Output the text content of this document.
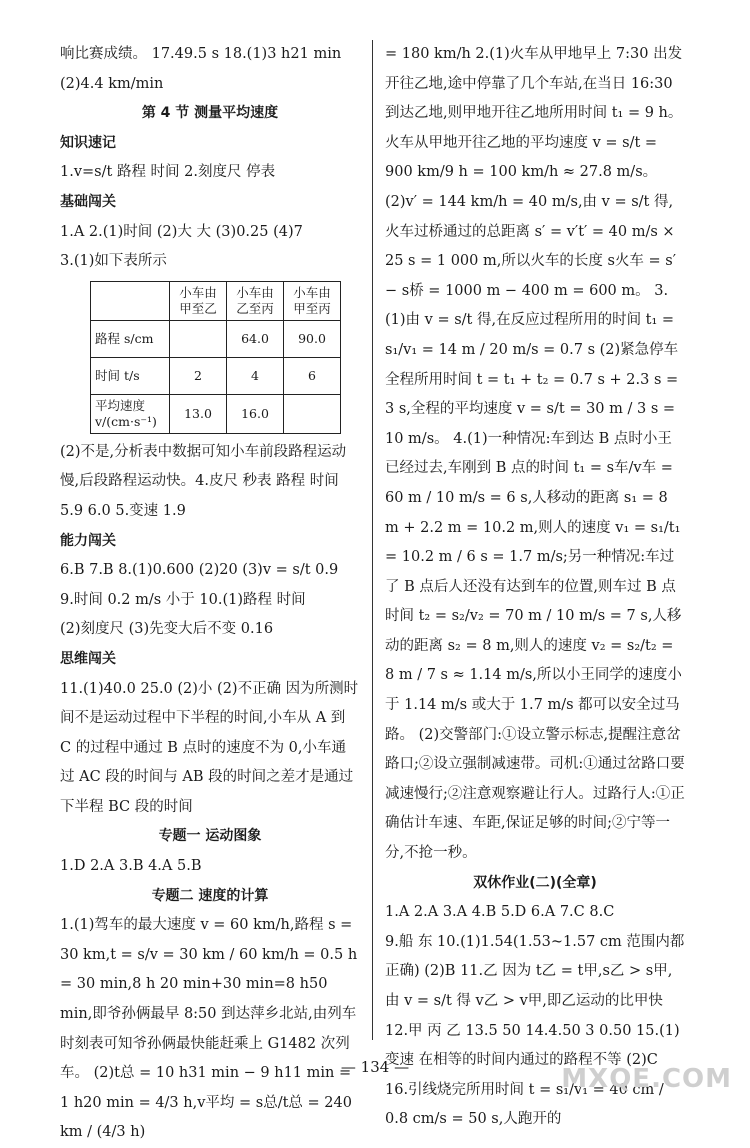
响比赛成绩。 17.49.5 s 18.(1)3 h21 min

(2)4.4 km/min

第 4 节 测量平均速度

知识速记

1.v=s/t 路程 时间 2.刻度尺 停表

基础闯关

1.A 2.(1)时间 (2)大 大 (3)0.25 (4)7

3.(1)如下表所示

	小车由甲至乙	小车由乙至丙	小车由甲至丙
路程 s/cm		64.0	90.0
时间 t/s	2	4	6
平均速度 v/(cm·s⁻¹)	13.0	16.0	

(2)不是,分析表中数据可知小车前段路程运动慢,后段路程运动快。4.皮尺 秒表 路程 时间 5.9 6.0 5.变速 1.9

能力闯关

6.B 7.B 8.(1)0.600 (2)20 (3)v = s/t 0.9

9.时间 0.2 m/s 小于 10.(1)路程 时间

(2)刻度尺 (3)先变大后不变 0.16

思维闯关

11.(1)40.0 25.0 (2)小 (2)不正确 因为所测时间不是运动过程中下半程的时间,小车从 A 到 C 的过程中通过 B 点时的速度不为 0,小车通过 AC 段的时间与 AB 段的时间之差才是通过下半程 BC 段的时间

专题一 运动图象

1.D 2.A 3.B 4.A 5.B

专题二 速度的计算

1.(1)驾车的最大速度 v = 60 km/h,路程 s = 30 km,t = s/v = 30 km / 60 km/h = 0.5 h = 30 min,8 h 20 min+30 min=8 h50 min,即爷孙俩最早 8:50 到达萍乡北站,由列车时刻表可知爷孙俩最快能赶乘上 G1482 次列车。 (2)t总 = 10 h31 min − 9 h11 min = 1 h20 min = 4/3 h,v平均 = s总/t总 = 240 km / (4/3 h)

= 180 km/h 2.(1)火车从甲地早上 7:30 出发开往乙地,途中停靠了几个车站,在当日 16:30 到达乙地,则甲地开往乙地所用时间 t₁ = 9 h。火车从甲地开往乙地的平均速度 v = s/t = 900 km/9 h = 100 km/h ≈ 27.8 m/s。(2)v′ = 144 km/h = 40 m/s,由 v = s/t 得,火车过桥通过的总距离 s′ = v′t′ = 40 m/s × 25 s = 1 000 m,所以火车的长度 s火车 = s′ − s桥 = 1000 m − 400 m = 600 m。 3.(1)由 v = s/t 得,在反应过程所用的时间 t₁ = s₁/v₁ = 14 m / 20 m/s = 0.7 s (2)紧急停车全程所用时间 t = t₁ + t₂ = 0.7 s + 2.3 s = 3 s,全程的平均速度 v = s/t = 30 m / 3 s = 10 m/s。 4.(1)一种情况:车到达 B 点时小王已经过去,车刚到 B 点的时间 t₁ = s车/v车 = 60 m / 10 m/s = 6 s,人移动的距离 s₁ = 8 m + 2.2 m = 10.2 m,则人的速度 v₁ = s₁/t₁ = 10.2 m / 6 s = 1.7 m/s;另一种情况:车过了 B 点后人还没有达到车的位置,则车过 B 点时间 t₂ = s₂/v₂ = 70 m / 10 m/s = 7 s,人移动的距离 s₂ = 8 m,则人的速度 v₂ = s₂/t₂ = 8 m / 7 s ≈ 1.14 m/s,所以小王同学的速度小于 1.14 m/s 或大于 1.7 m/s 都可以安全过马路。 (2)交警部门:①设立警示标志,提醒注意岔路口;②设立强制减速带。司机:①通过岔路口要减速慢行;②注意观察避让行人。过路行人:①正确估计车速、车距,保证足够的时间;②宁等一分,不抢一秒。

双休作业(二)(全章)

1.A 2.A 3.A 4.B 5.D 6.A 7.C 8.C

9.船 东 10.(1)1.54(1.53~1.57 cm 范围内都正确) (2)B 11.乙 因为 t乙 = t甲,s乙 > s甲,由 v = s/t 得 v乙 > v甲,即乙运动的比甲快 12.甲 丙 乙 13.5 50 14.4.50 3 0.50 15.(1)变速 在相等的时间内通过的路程不等 (2)C 16.引线烧完所用时间 t = s₁/v₁ = 40 cm / 0.8 cm/s = 50 s,人跑开的

— 134 —	MXQE.COM
